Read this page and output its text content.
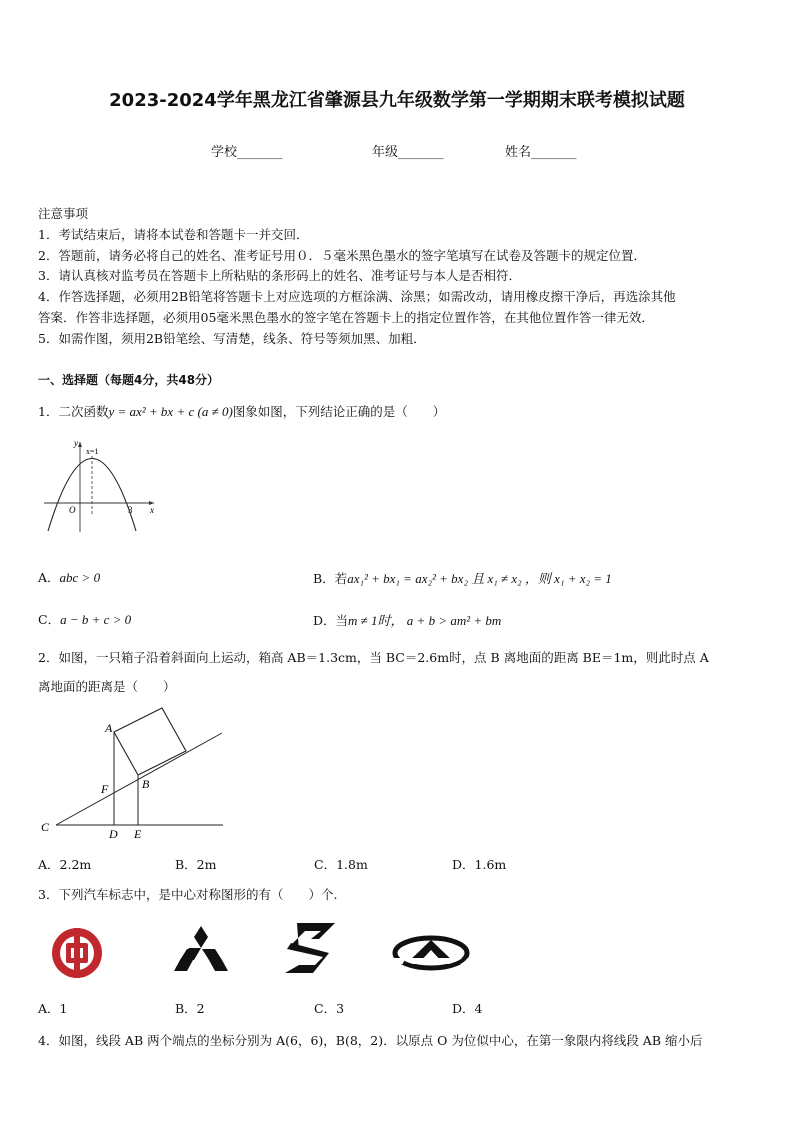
2023-2024学年黑龙江省肇源县九年级数学第一学期期末联考模拟试题
学校_______	年级_______	姓名_______
注意事项
1．考试结束后，请将本试卷和答题卡一并交回．
2．答题前，请务必将自己的姓名、准考证号用０．５毫米黑色墨水的签字笔填写在试卷及答题卡的规定位置．
3．请认真核对监考员在答题卡上所粘贴的条形码上的姓名、准考证号与本人是否相符．
4．作答选择题，必须用2B铅笔将答题卡上对应选项的方框涂满、涂黑；如需改动，请用橡皮擦干净后，再选涂其他
答案．作答非选择题，必须用05毫米黑色墨水的签字笔在答题卡上的指定位置作答，在其他位置作答一律无效．
5．如需作图，须用2B铅笔绘、写清楚，线条、符号等须加黑、加粗．
一、选择题（每题4分，共48分）
1．二次函数y = ax² + bx + c (a ≠ 0)图象如图，下列结论正确的是（　　）
y
x
x=1
O	3
A．abc > 0	B．若ax₁² + bx₁ = ax₂² + bx₂ 且 x₁ ≠ x₂ ，则 x₁ + x₂ = 1
C．a − b + c > 0	D．当m ≠ 1时， a + b > am² + bm
2．如图，一只箱子沿着斜面向上运动，箱高 AB＝1.3cm，当 BC＝2.6m时，点 B 离地面的距离 BE＝1m，则此时点 A
离地面的距离是（　　）
A
B
C	D E
F
A．2.2m	B．2m	C．1.8m	D．1.6m
3．下列汽车标志中，是中心对称图形的有（　　）个.
A．1	B．2	C．3	D．4
4．如图，线段 AB 两个端点的坐标分别为 A(6，6)，B(8，2)．以原点 O 为位似中心，在第一象限内将线段 AB 缩小后
